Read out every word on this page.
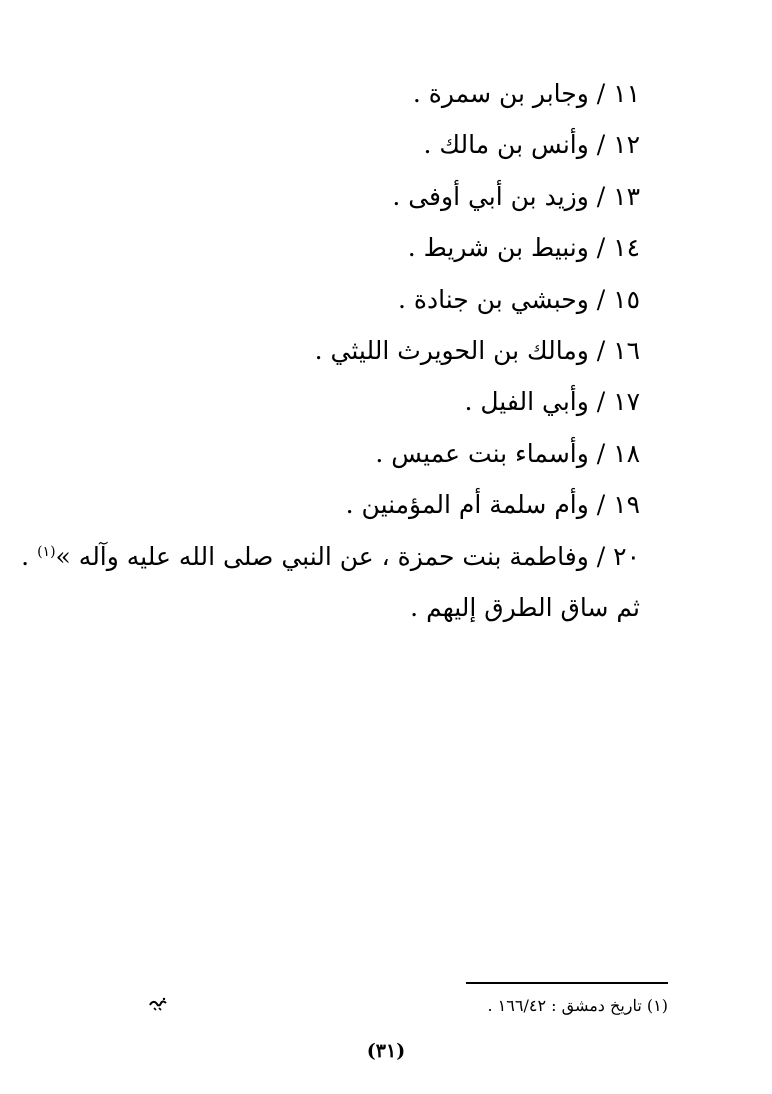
١١ / وجابر بن سمرة .
١٢ / وأنس بن مالك .
١٣ / وزيد بن أبي أوفى .
١٤ / ونبيط بن شريط .
١٥ / وحبشي بن جنادة .
١٦ / ومالك بن الحويرث الليثي .
١٧ / وأبي الفيل .
١٨ / وأسماء بنت عميس .
١٩ / وأم سلمة أم المؤمنين .
٢٠ / وفاطمة بنت حمزة ، عن النبي صلى الله عليه وآله »$^{(١)}$ .
ثم ساق الطرق إليهم .
(١) تاريخ دمشق : ١٦٦/٤٢ .
(٣١)
